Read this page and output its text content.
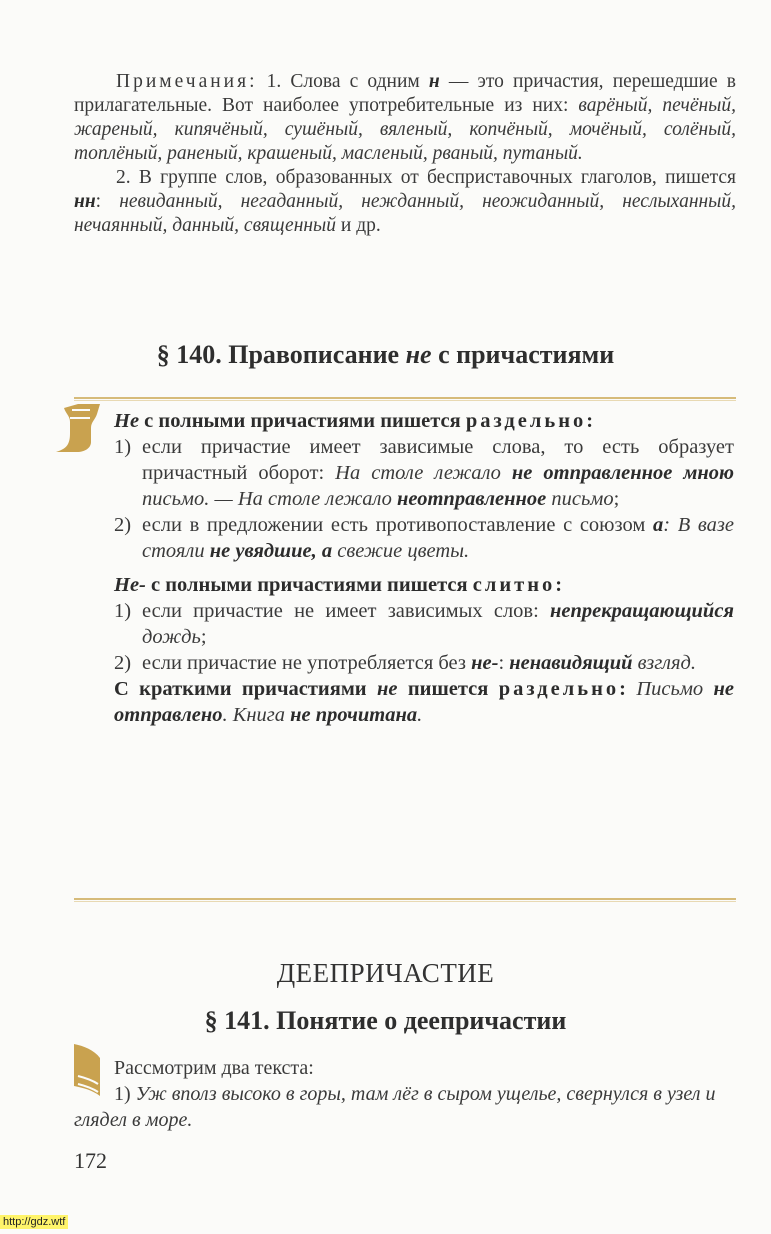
Примечания: 1. Слова с одним н — это причастия, перешедшие в прилагательные. Вот наиболее употребительные из них: варёный, печёный, жареный, кипячёный, сушёный, вяленый, копчёный, мочёный, солёный, топлёный, раненый, крашеный, масленый, рваный, путаный.

2. В группе слов, образованных от бесприставочных глаголов, пишется нн: невиданный, негаданный, нежданный, неожиданный, неслыханный, нечаянный, данный, священный и др.

§ 140. Правописание не с причастиями

Не с полными причастиями пишется раздельно:

1) если причастие имеет зависимые слова, то есть образует причастный оборот: На столе лежало не отправленное мною письмо. — На столе лежало неотправленное письмо;
2) если в предложении есть противопоставление с союзом а: В вазе стояли не увядшие, а свежие цветы.

Не- с полными причастиями пишется слитно:

1) если причастие не имеет зависимых слов: непрекращающийся дождь;
2) если причастие не употребляется без не-: ненавидящий взгляд.

С краткими причастиями не пишется раздельно: Письмо не отправлено. Книга не прочитана.

ДЕЕПРИЧАСТИЕ
§ 141. Понятие о деепричастии

Рассмотрим два текста:

1) Уж вполз высоко в горы, там лёг в сыром ущелье, свернулся в узел и глядел в море.

172
http://gdz.wtf
